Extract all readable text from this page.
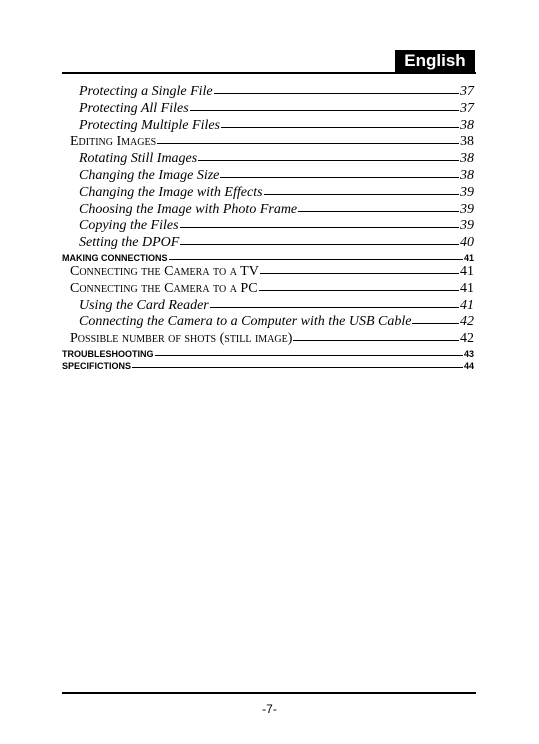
English
Protecting a Single File	37
Protecting All Files	37
Protecting Multiple Files	38
Editing Images	38
Rotating Still Images	38
Changing the Image Size	38
Changing the Image with Effects	39
Choosing the Image with Photo Frame	39
Copying the Files	39
Setting the DPOF	40
MAKING CONNECTIONS	41
Connecting the Camera to a TV	41
Connecting the Camera to a PC	41
Using the Card Reader	41
Connecting the Camera to a Computer with the USB Cable	42
Possible number of shots (still image)	42
TROUBLESHOOTING	43
SPECIFICTIONS	44
-7-
